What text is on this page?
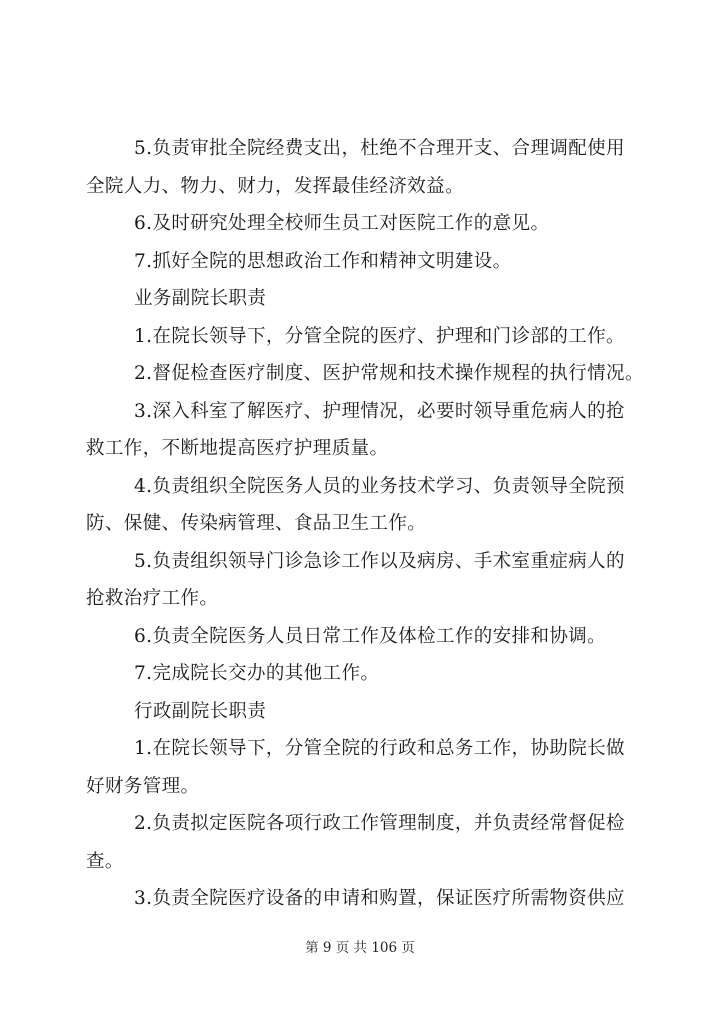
5.负责审批全院经费支出，杜绝不合理开支、合理调配使用
全院人力、物力、财力，发挥最佳经济效益。
6.及时研究处理全校师生员工对医院工作的意见。
7.抓好全院的思想政治工作和精神文明建设。
业务副院长职责
1.在院长领导下，分管全院的医疗、护理和门诊部的工作。
2.督促检查医疗制度、医护常规和技术操作规程的执行情况。
3.深入科室了解医疗、护理情况，必要时领导重危病人的抢
救工作，不断地提高医疗护理质量。
4.负责组织全院医务人员的业务技术学习、负责领导全院预
防、保健、传染病管理、食品卫生工作。
5.负责组织领导门诊急诊工作以及病房、手术室重症病人的
抢救治疗工作。
6.负责全院医务人员日常工作及体检工作的安排和协调。
7.完成院长交办的其他工作。
行政副院长职责
1.在院长领导下，分管全院的行政和总务工作，协助院长做
好财务管理。
2.负责拟定医院各项行政工作管理制度，并负责经常督促检
查。
3.负责全院医疗设备的申请和购置，保证医疗所需物资供应
第 9 页 共 106 页
